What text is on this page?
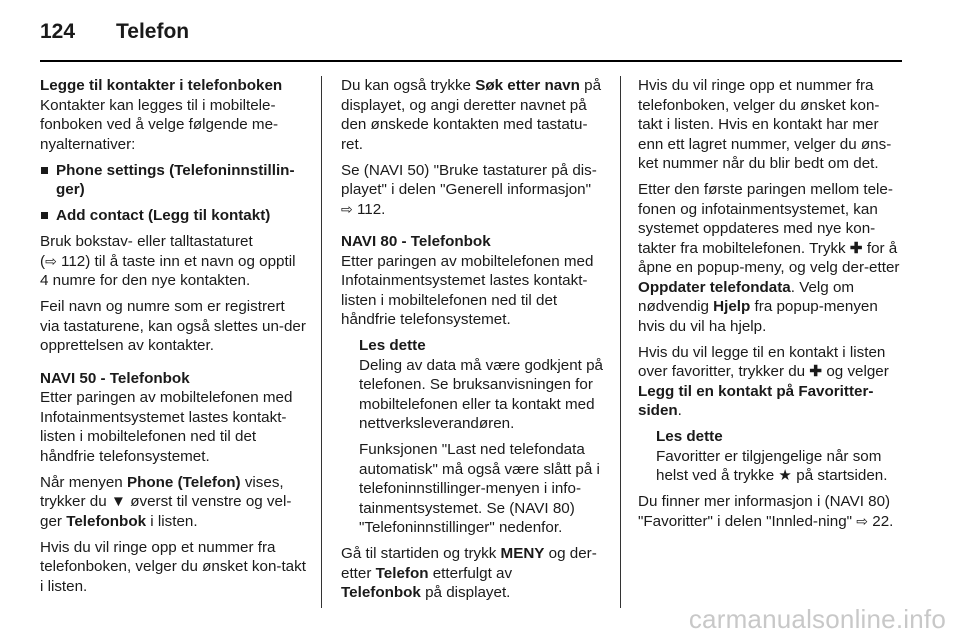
124	Telefon
Legge til kontakter i telefonboken

Kontakter kan legges til i mobiltele-fonboken ved å velge følgende me-nyalternativer:

Phone settings (Telefoninnstillin-ger)
Add contact (Legg til kontakt)

Bruk bokstav- eller talltastaturet
(⇨ 112) til å taste inn et navn og opptil 4 numre for den nye kontakten.

Feil navn og numre som er registrert via tastaturene, kan også slettes un-der opprettelsen av kontakter.

NAVI 50 - Telefonbok

Etter paringen av mobiltelefonen med Infotainmentsystemet lastes kontakt-listen i mobiltelefonen ned til det håndfrie telefonsystemet.

Når menyen Phone (Telefon) vises, trykker du ▼ øverst til venstre og vel-ger Telefonbok i listen.

Hvis du vil ringe opp et nummer fra telefonboken, velger du ønsket kon-takt i listen.

Du kan også trykke Søk etter navn på displayet, og angi deretter navnet på den ønskede kontakten med tastatu-ret.

Se (NAVI 50) "Bruke tastaturer på dis-playet" i delen "Generell informasjon"
⇨ 112.

NAVI 80 - Telefonbok

Etter paringen av mobiltelefonen med Infotainmentsystemet lastes kontakt-listen i mobiltelefonen ned til det håndfrie telefonsystemet.

Les dette

Deling av data må være godkjent på telefonen. Se bruksanvisningen for mobiltelefonen eller ta kontakt med nettverksleverandøren.

Funksjonen "Last ned telefondata automatisk" må også være slått på i telefoninnstillinger-menyen i info-tainmentsystemet. Se (NAVI 80) "Telefoninnstillinger" nedenfor.

Gå til startiden og trykk MENY og der-etter Telefon etterfulgt av
Telefonbok på displayet.

Hvis du vil ringe opp et nummer fra telefonboken, velger du ønsket kon-takt i listen. Hvis en kontakt har mer enn ett lagret nummer, velger du øns-ket nummer når du blir bedt om det.

Etter den første paringen mellom tele-fonen og infotainmentsystemet, kan systemet oppdateres med nye kon-takter fra mobiltelefonen. Trykk ✚ for å åpne en popup-meny, og velg der-etter Oppdater telefondata. Velg om nødvendig Hjelp fra popup-menyen hvis du vil ha hjelp.

Hvis du vil legge til en kontakt i listen over favoritter, trykker du ✚ og velger Legg til en kontakt på Favoritter-siden.

Les dette

Favoritter er tilgjengelige når som helst ved å trykke ★ på startsiden.

Du finner mer informasjon i (NAVI 80) "Favoritter" i delen "Innled-ning" ⇨ 22.

carmanualsonline.info
